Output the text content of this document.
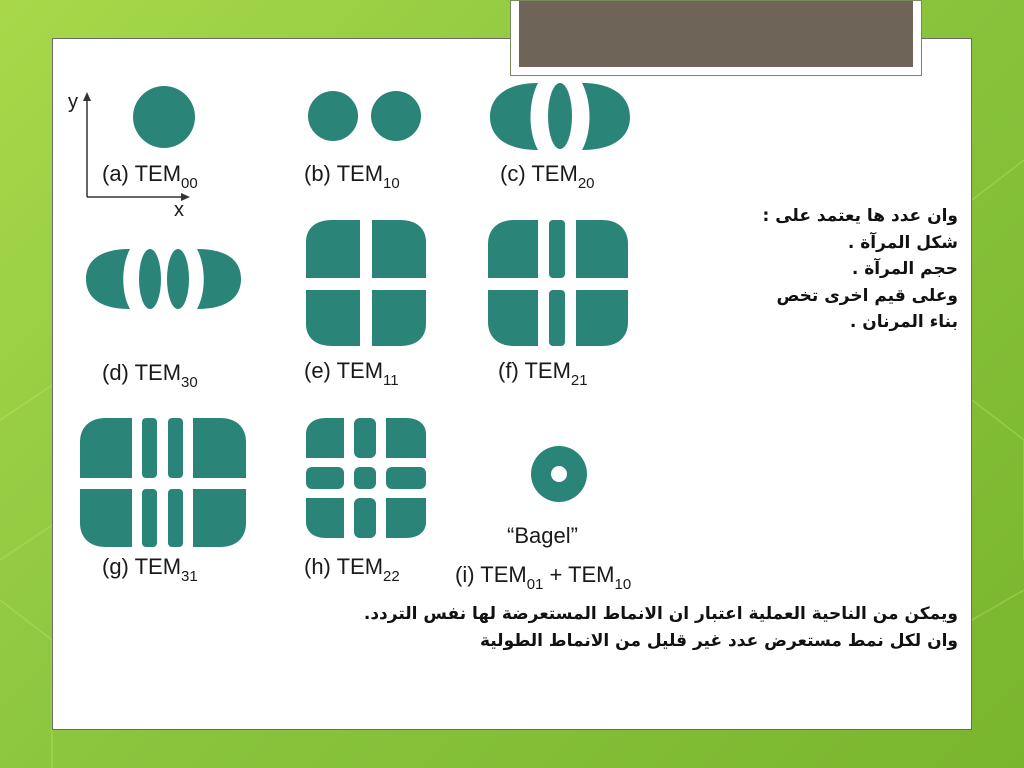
y
x
(a) $TEM_{00}$	(b) $TEM_{10}$	(c) $TEM_{20}$
(d) $TEM_{30}$	(e) $TEM_{11}$	(f) $TEM_{21}$
(g) $TEM_{31}$	(h) $TEM_{22}$
“Bagel”
(i) $TEM_{01} + TEM_{10}$
وان عدد ها يعتمد على :
شكل المرآة .
حجم المرآة .
وعلى قيم اخرى تخص
بناء المرنان .
ويمكن من الناحية العملية اعتبار ان الانماط المستعرضة لها نفس التردد.
وان لكل نمط مستعرض عدد غير قليل من الانماط الطولية
